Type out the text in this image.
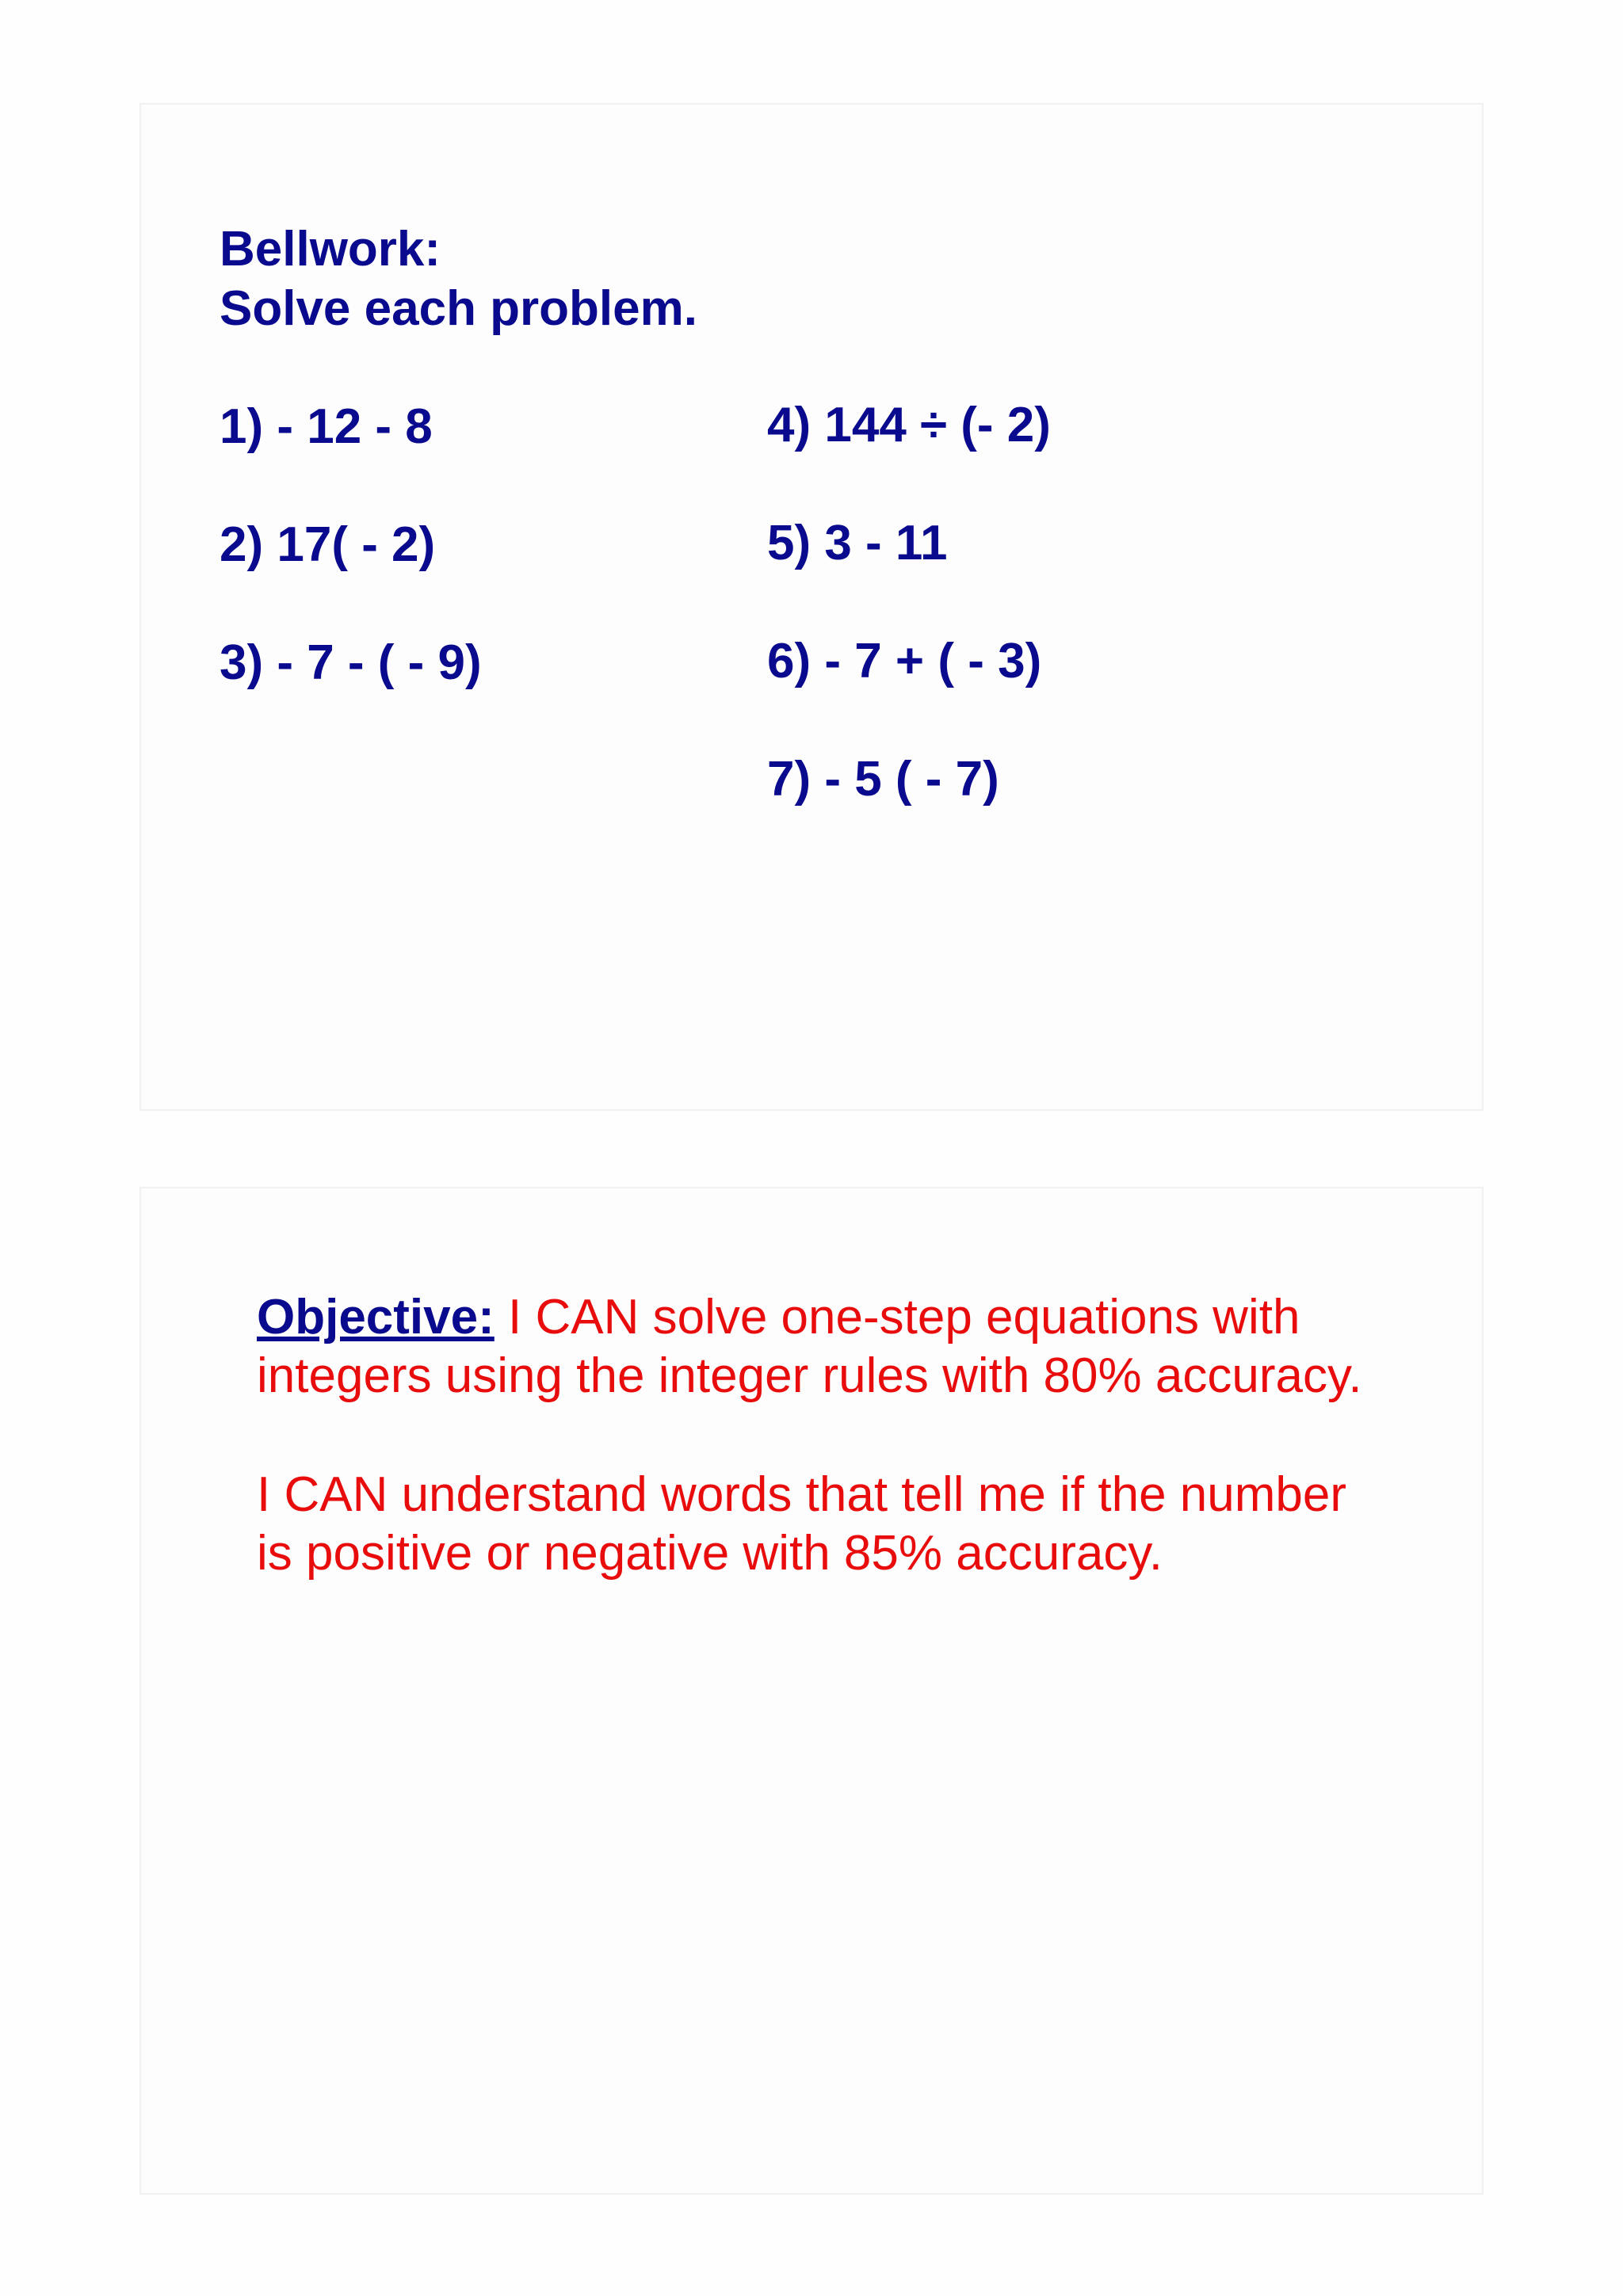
Bellwork:
Solve each problem.
1) - 12 - 8
2) 17( - 2)
3) - 7 - ( - 9)
4) 144 ÷ (- 2)
5) 3 - 11
6) - 7 + ( - 3)
7) - 5 ( - 7)
Objective: I CAN solve one-step equations with
integers using the integer rules with 80% accuracy.
I CAN understand words that tell me if the number
is positive or negative with 85% accuracy.
